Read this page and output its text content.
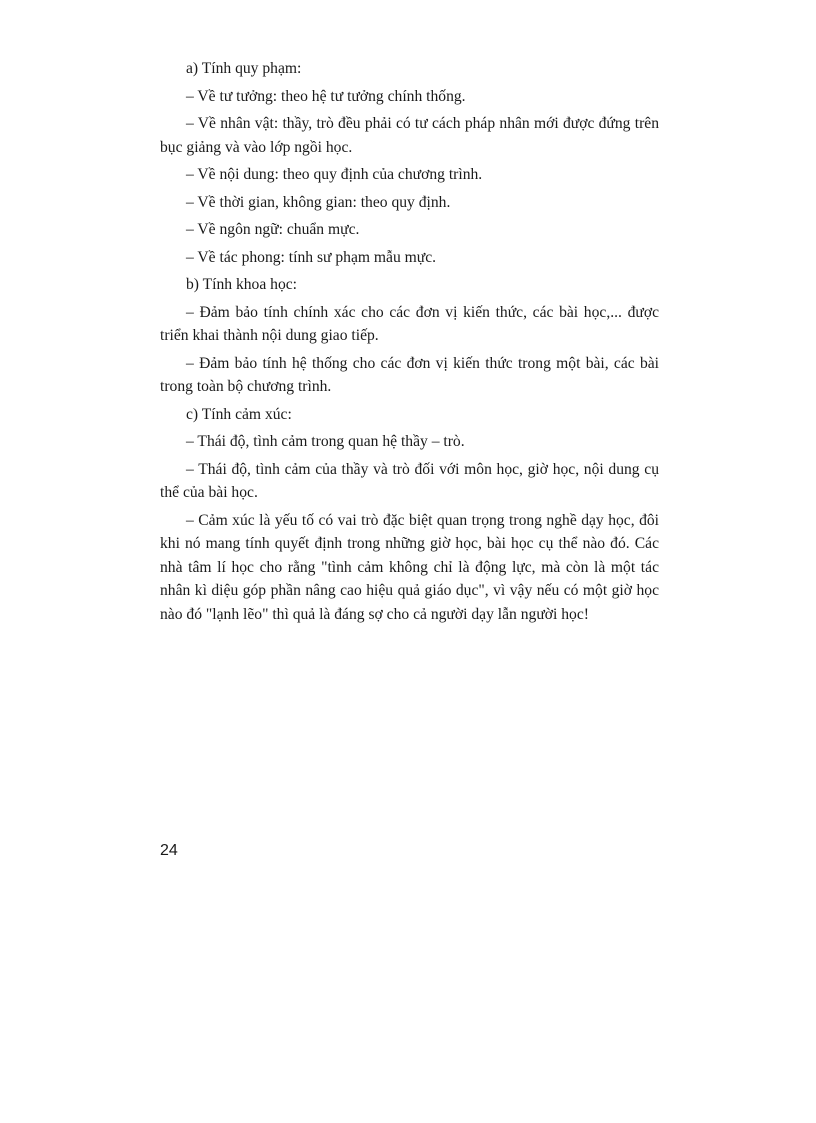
a) Tính quy phạm:

– Về tư tưởng: theo hệ tư tưởng chính thống.

– Về nhân vật: thầy, trò đều phải có tư cách pháp nhân mới được đứng trên bục giảng và vào lớp ngồi học.

– Về nội dung: theo quy định của chương trình.

– Về thời gian, không gian: theo quy định.

– Về ngôn ngữ: chuẩn mực.

– Về tác phong: tính sư phạm mẫu mực.

b) Tính khoa học:

– Đảm bảo tính chính xác cho các đơn vị kiến thức, các bài học,... được triển khai thành nội dung giao tiếp.

– Đảm bảo tính hệ thống cho các đơn vị kiến thức trong một bài, các bài trong toàn bộ chương trình.

c) Tính cảm xúc:

– Thái độ, tình cảm trong quan hệ thầy – trò.

– Thái độ, tình cảm của thầy và trò đối với môn học, giờ học, nội dung cụ thể của bài học.

– Cảm xúc là yếu tố có vai trò đặc biệt quan trọng trong nghề dạy học, đôi khi nó mang tính quyết định trong những giờ học, bài học cụ thể nào đó. Các nhà tâm lí học cho rằng "tình cảm không chỉ là động lực, mà còn là một tác nhân kì diệu góp phần nâng cao hiệu quả giáo dục", vì vậy nếu có một giờ học nào đó "lạnh lẽo" thì quả là đáng sợ cho cả người dạy lẫn người học!

24
